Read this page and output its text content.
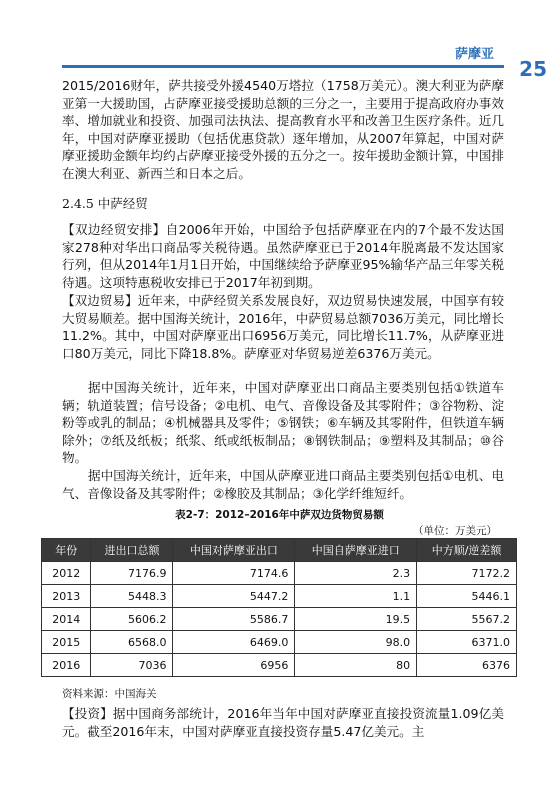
萨摩亚
25

2015/2016财年，萨共接受外援4540万塔拉（1758万美元）。澳大利亚为萨摩亚第一大援助国，占萨摩亚接受援助总额的三分之一，主要用于提高政府办事效率、增加就业和投资、加强司法执法、提高教育水平和改善卫生医疗条件。近几年，中国对萨摩亚援助（包括优惠贷款）逐年增加，从2007年算起，中国对萨摩亚援助金额年均约占萨摩亚接受外援的五分之一。按年援助金额计算，中国排在澳大利亚、新西兰和日本之后。

2.4.5 中萨经贸

【双边经贸安排】自2006年开始，中国给予包括萨摩亚在内的7个最不发达国家278种对华出口商品零关税待遇。虽然萨摩亚已于2014年脱离最不发达国家行列，但从2014年1月1日开始，中国继续给予萨摩亚95%输华产品三年零关税待遇。这项特惠税收安排已于2017年初到期。

【双边贸易】近年来，中萨经贸关系发展良好，双边贸易快速发展，中国享有较大贸易顺差。据中国海关统计，2016年，中萨贸易总额7036万美元，同比增长11.2%。其中，中国对萨摩亚出口6956万美元，同比增长11.7%，从萨摩亚进口80万美元，同比下降18.8%。萨摩亚对华贸易逆差6376万美元。

据中国海关统计，近年来，中国对萨摩亚出口商品主要类别包括①铁道车辆；轨道装置；信号设备；②电机、电气、音像设备及其零附件；③谷物粉、淀粉等或乳的制品；④机械器具及零件；⑤钢铁；⑥车辆及其零附件，但铁道车辆除外；⑦纸及纸板；纸浆、纸或纸板制品；⑧钢铁制品；⑨塑料及其制品；⑩谷物。

据中国海关统计，近年来，中国从萨摩亚进口商品主要类别包括①电机、电气、音像设备及其零附件；②橡胶及其制品；③化学纤维短纤。

表2-7：2012–2016年中萨双边货物贸易额
（单位：万美元）
年份	进出口总额	中国对萨摩亚出口	中国自萨摩亚进口	中方顺/逆差额
2012	7176.9	7174.6	2.3	7172.2
2013	5448.3	5447.2	1.1	5446.1
2014	5606.2	5586.7	19.5	5567.2
2015	6568.0	6469.0	98.0	6371.0
2016	7036	6956	80	6376
资料来源：中国海关

【投资】据中国商务部统计，2016年当年中国对萨摩亚直接投资流量1.09亿美元。截至2016年末，中国对萨摩亚直接投资存量5.47亿美元。主
